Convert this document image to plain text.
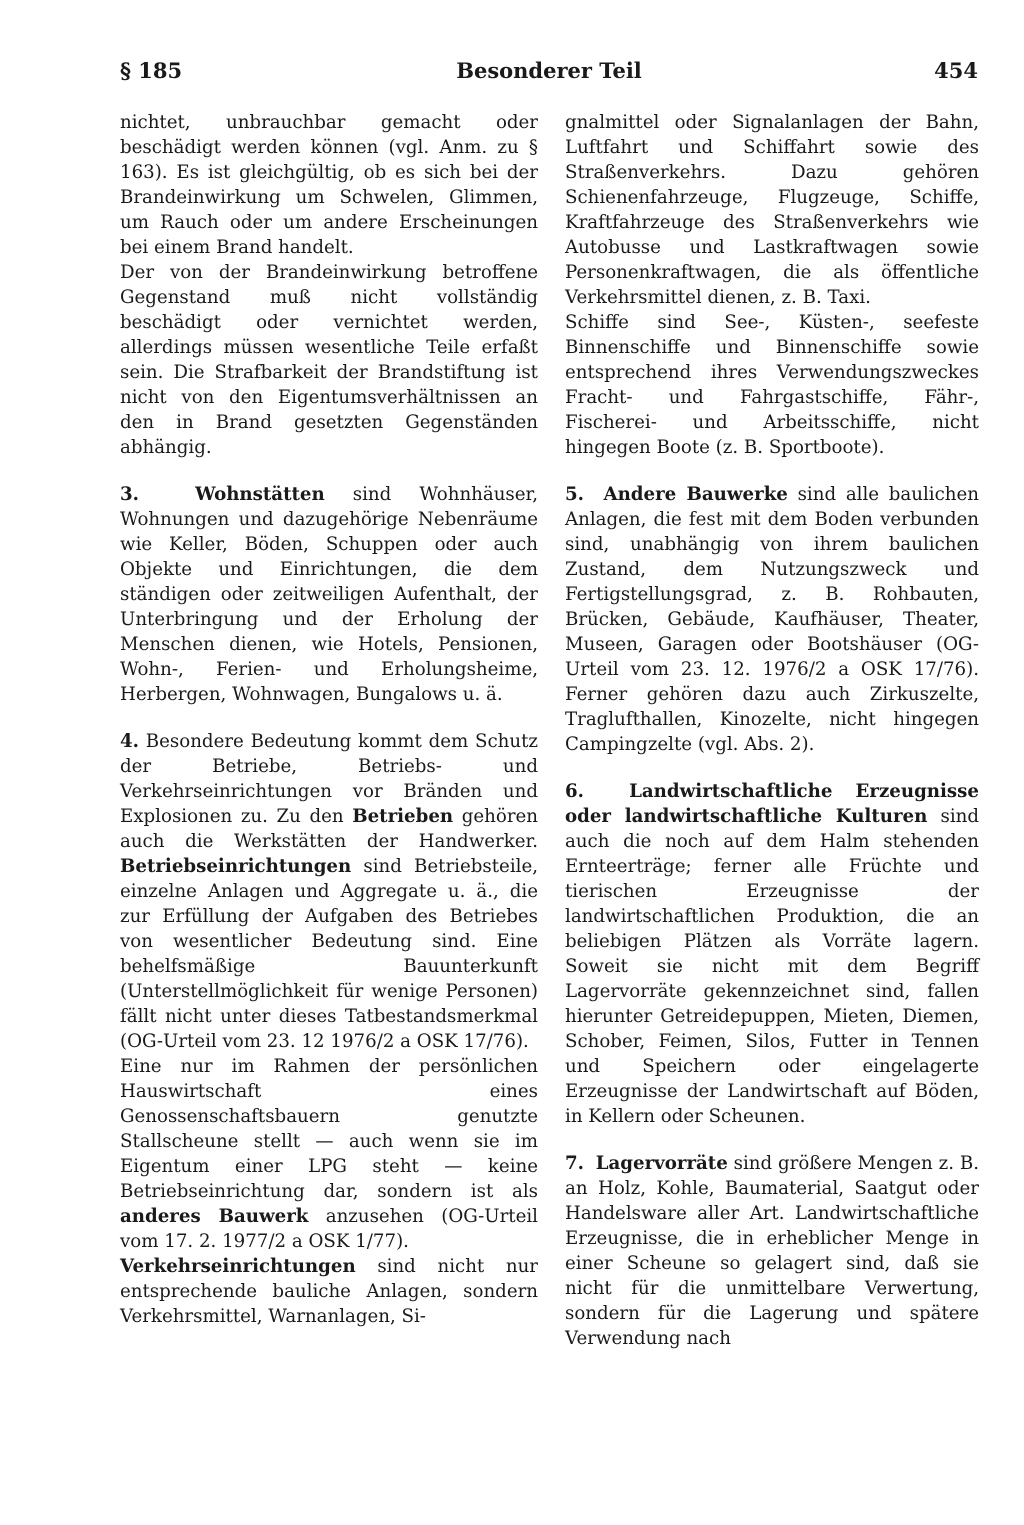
§ 185	Besonderer Teil	454

nichtet, unbrauchbar gemacht oder beschädigt werden können (vgl. Anm. zu § 163). Es ist gleichgültig, ob es sich bei der Brandeinwirkung um Schwelen, Glimmen, um Rauch oder um andere Erscheinungen bei einem Brand handelt.

Der von der Brandeinwirkung betroffene Gegenstand muß nicht vollständig beschädigt oder vernichtet werden, allerdings müssen wesentliche Teile erfaßt sein. Die Strafbarkeit der Brandstiftung ist nicht von den Eigentumsverhältnissen an den in Brand gesetzten Gegenständen abhängig.

3.	Wohnstätten sind Wohnhäuser, Wohnungen und dazugehörige Nebenräume wie Keller, Böden, Schuppen oder auch Objekte und Einrichtungen, die dem ständigen oder zeitweiligen Aufenthalt, der Unterbringung und der Erholung der Menschen dienen, wie Hotels, Pensionen, Wohn-, Ferien- und Erholungsheime, Herbergen, Wohnwagen, Bungalows u. ä.

4. Besondere Bedeutung kommt dem Schutz der Betriebe, Betriebs- und Verkehrseinrichtungen vor Bränden und Explosionen zu. Zu den Betrieben gehören auch die Werkstätten der Handwerker. Betriebseinrichtungen sind Betriebsteile, einzelne Anlagen und Aggregate u. ä., die zur Erfüllung der Aufgaben des Betriebes von wesentlicher Bedeutung sind. Eine behelfsmäßige Bauunterkunft (Unterstellmöglichkeit für wenige Personen) fällt nicht unter dieses Tatbestandsmerkmal (OG-Urteil vom 23. 12 1976/2 a OSK 17/76).

Eine nur im Rahmen der persönlichen Hauswirtschaft eines Genossenschaftsbauern genutzte Stallscheune stellt — auch wenn sie im Eigentum einer LPG steht — keine Betriebseinrichtung dar, sondern ist als anderes Bauwerk anzusehen (OG-Urteil vom 17. 2. 1977/2 a OSK 1/77).

Verkehrseinrichtungen sind nicht nur entsprechende bauliche Anlagen, sondern Verkehrsmittel, Warnanlagen, Si-

gnalmittel oder Signalanlagen der Bahn, Luftfahrt und Schiffahrt sowie des Straßenverkehrs. Dazu gehören Schienenfahrzeuge, Flugzeuge, Schiffe, Kraftfahrzeuge des Straßenverkehrs wie Autobusse und Lastkraftwagen sowie Personenkraftwagen, die als öffentliche Verkehrsmittel dienen, z. B. Taxi.

Schiffe sind See-, Küsten-, seefeste Binnenschiffe und Binnenschiffe sowie entsprechend ihres Verwendungszweckes Fracht- und Fahrgastschiffe, Fähr-, Fischerei- und Arbeitsschiffe, nicht hingegen Boote (z. B. Sportboote).

5. Andere Bauwerke sind alle baulichen Anlagen, die fest mit dem Boden verbunden sind, unabhängig von ihrem baulichen Zustand, dem Nutzungszweck und Fertigstellungsgrad, z. B. Rohbauten, Brücken, Gebäude, Kaufhäuser, Theater, Museen, Garagen oder Bootshäuser (OG-Urteil vom 23. 12. 1976/2 a OSK 17/76). Ferner gehören dazu auch Zirkuszelte, Traglufthallen, Kinozelte, nicht hingegen Campingzelte (vgl. Abs. 2).

6. Landwirtschaftliche Erzeugnisse oder landwirtschaftliche Kulturen sind auch die noch auf dem Halm stehenden Ernteerträge; ferner alle Früchte und tierischen Erzeugnisse der landwirtschaftlichen Produktion, die an beliebigen Plätzen als Vorräte lagern. Soweit sie nicht mit dem Begriff Lagervorräte gekennzeichnet sind, fallen hierunter Getreidepuppen, Mieten, Diemen, Schober, Feimen, Silos, Futter in Tennen und Speichern oder eingelagerte Erzeugnisse der Landwirtschaft auf Böden, in Kellern oder Scheunen.

7. Lagervorräte sind größere Mengen z. B. an Holz, Kohle, Baumaterial, Saatgut oder Handelsware aller Art. Landwirtschaftliche Erzeugnisse, die in erheblicher Menge in einer Scheune so gelagert sind, daß sie nicht für die unmittelbare Verwertung, sondern für die Lagerung und spätere Verwendung nach
